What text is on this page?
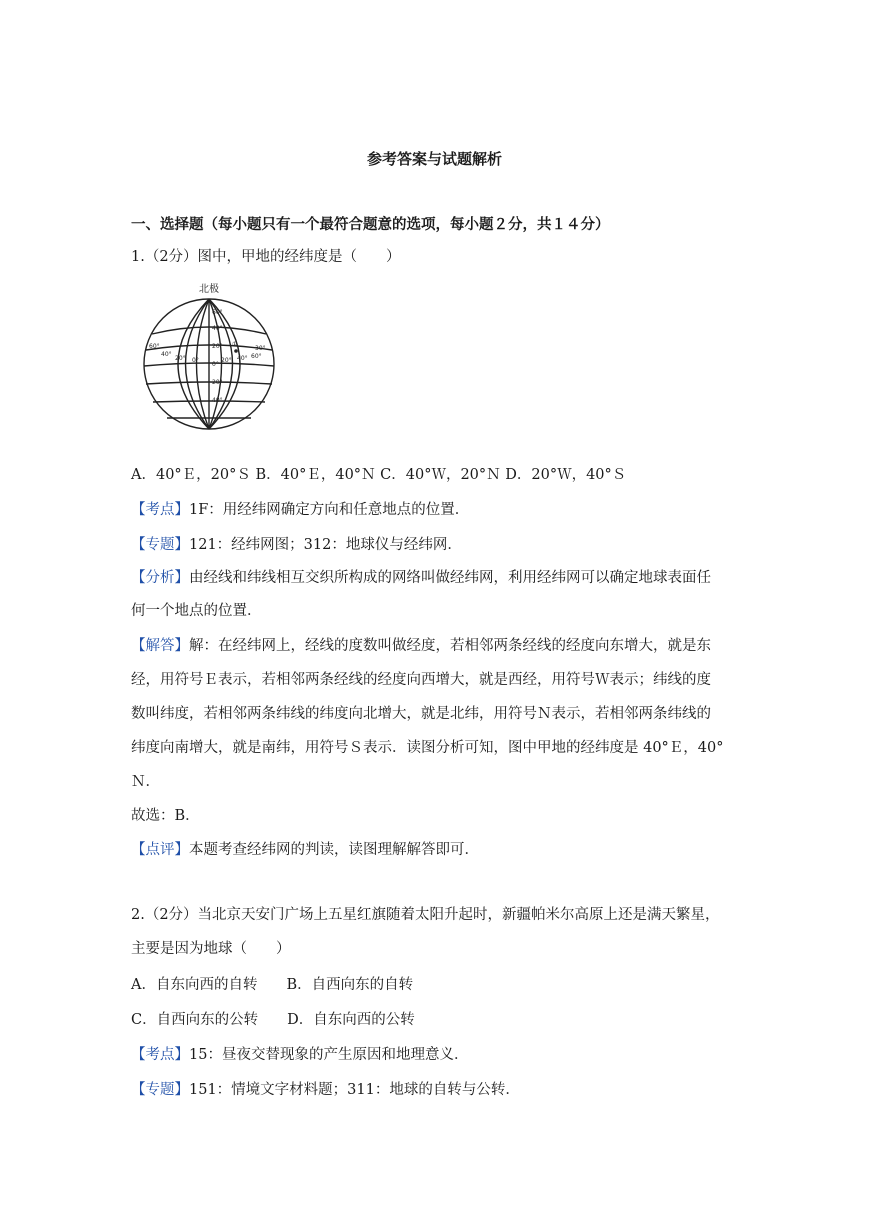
参考答案与试题解析
一、选择题（每小题只有一个最符合题意的选项，每小题２分，共１４分）
1.（2分）图中，甲地的经纬度是（　　）
北极
60°
40°
20°
0°
20°
40°
60°
40°
20° 0°	20° 40°
①
30°
60°
A．40°Ｅ，20°Ｓ B．40°Ｅ，40°Ｎ C．40°Ｗ，20°Ｎ D．20°Ｗ，40°Ｓ
【考点】1F：用经纬网确定方向和任意地点的位置．
【专题】121：经纬网图；312：地球仪与经纬网．
【分析】由经线和纬线相互交织所构成的网络叫做经纬网，利用经纬网可以确定地球表面任
何一个地点的位置．
【解答】解：在经纬网上，经线的度数叫做经度，若相邻两条经线的经度向东增大，就是东
经，用符号Ｅ表示，若相邻两条经线的经度向西增大，就是西经，用符号Ｗ表示；纬线的度
数叫纬度，若相邻两条纬线的纬度向北增大，就是北纬，用符号Ｎ表示，若相邻两条纬线的
纬度向南增大，就是南纬，用符号Ｓ表示．读图分析可知，图中甲地的经纬度是 40°Ｅ，40°
Ｎ．
故选：B．
【点评】本题考查经纬网的判读，读图理解解答即可．
2.（2分）当北京天安门广场上五星红旗随着太阳升起时，新疆帕米尔高原上还是满天繁星，
主要是因为地球（　　）
A．自东向西的自转　　B．自西向东的自转
C．自西向东的公转　　D．自东向西的公转
【考点】15：昼夜交替现象的产生原因和地理意义．
【专题】151：情境文字材料题；311：地球的自转与公转．
